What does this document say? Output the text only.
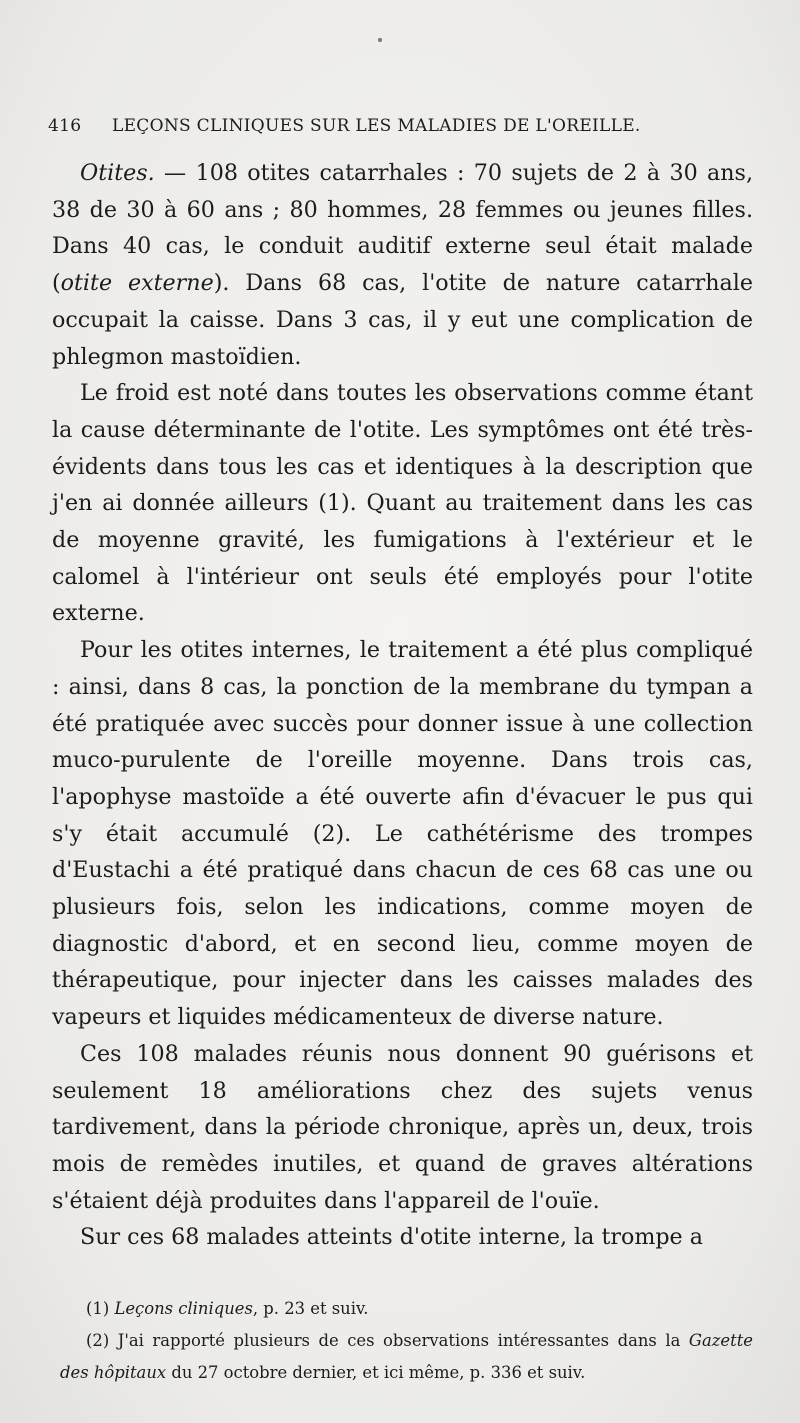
416 LEÇONS CLINIQUES SUR LES MALADIES DE L'OREILLE.

Otites. — 108 otites catarrhales : 70 sujets de 2 à 30 ans, 38 de 30 à 60 ans ; 80 hommes, 28 femmes ou jeunes filles. Dans 40 cas, le conduit auditif externe seul était malade (otite externe). Dans 68 cas, l'otite de nature catarrhale occupait la caisse. Dans 3 cas, il y eut une complication de phlegmon mastoïdien.

Le froid est noté dans toutes les observations comme étant la cause déterminante de l'otite. Les symptômes ont été très-évidents dans tous les cas et identiques à la description que j'en ai donnée ailleurs (1). Quant au traitement dans les cas de moyenne gravité, les fumigations à l'extérieur et le calomel à l'intérieur ont seuls été employés pour l'otite externe.

Pour les otites internes, le traitement a été plus compliqué : ainsi, dans 8 cas, la ponction de la membrane du tympan a été pratiquée avec succès pour donner issue à une collection muco-purulente de l'oreille moyenne. Dans trois cas, l'apophyse mastoïde a été ouverte afin d'évacuer le pus qui s'y était accumulé (2). Le cathétérisme des trompes d'Eustachi a été pratiqué dans chacun de ces 68 cas une ou plusieurs fois, selon les indications, comme moyen de diagnostic d'abord, et en second lieu, comme moyen de thérapeutique, pour injecter dans les caisses malades des vapeurs et liquides médicamenteux de diverse nature.

Ces 108 malades réunis nous donnent 90 guérisons et seulement 18 améliorations chez des sujets venus tardivement, dans la période chronique, après un, deux, trois mois de remèdes inutiles, et quand de graves altérations s'étaient déjà produites dans l'appareil de l'ouïe.

Sur ces 68 malades atteints d'otite interne, la trompe a

(1) Leçons cliniques, p. 23 et suiv.

(2) J'ai rapporté plusieurs de ces observations intéressantes dans la Gazette des hôpitaux du 27 octobre dernier, et ici même, p. 336 et suiv.
